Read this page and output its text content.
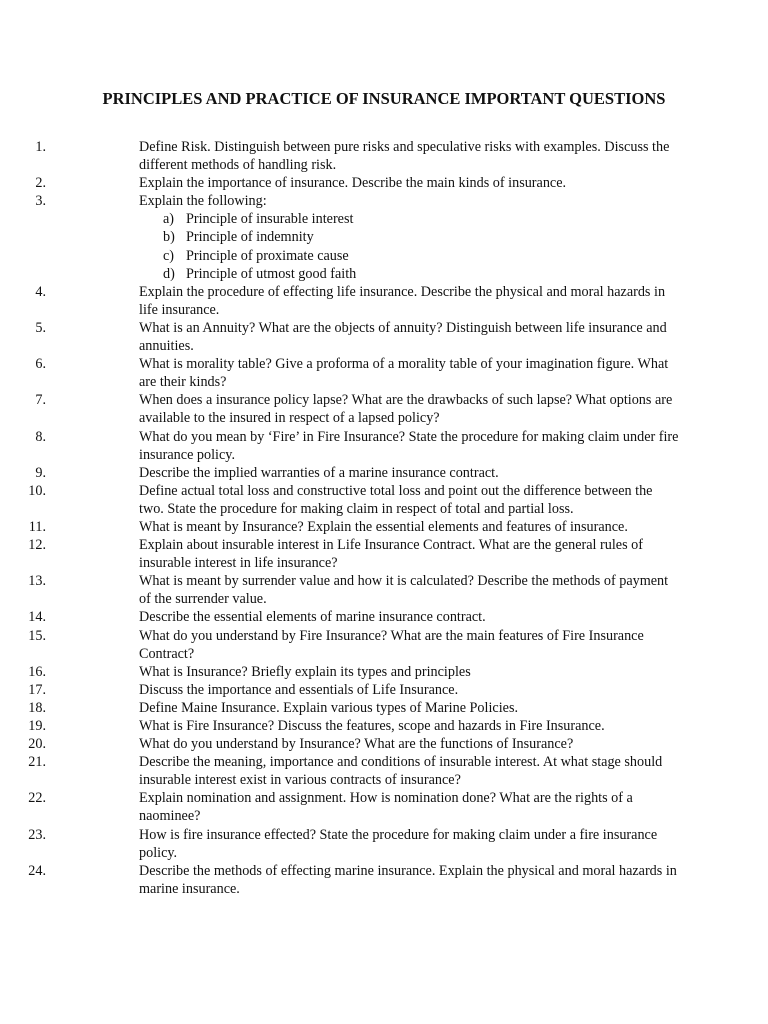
PRINCIPLES AND PRACTICE OF INSURANCE IMPORTANT QUESTIONS
1.	Define Risk. Distinguish between pure risks and speculative risks with examples. Discuss the different methods of handling risk.
2.	Explain the importance of insurance. Describe the main kinds of insurance.
3.	Explain the following:
a) Principle of insurable interest
b) Principle of indemnity
c) Principle of proximate cause
d) Principle of utmost good faith
4.	Explain the procedure of effecting life insurance. Describe the physical and moral hazards in life insurance.
5.	What is an Annuity? What are the objects of annuity? Distinguish between life insurance and annuities.
6.	What is morality table? Give a proforma of a morality table of your imagination figure. What are their kinds?
7.	When does a insurance policy lapse? What are the drawbacks of such lapse? What options are available to the insured in respect of a lapsed policy?
8.	What do you mean by ‘Fire’ in Fire Insurance? State the procedure for making claim under fire insurance policy.
9.	Describe the implied warranties of a marine insurance contract.
10.	Define actual total loss and constructive total loss and point out the difference between the two. State the procedure for making claim in respect of total and partial loss.
11.	What is meant by Insurance? Explain the essential elements and features of insurance.
12.	Explain about insurable interest in Life Insurance Contract. What are the general rules of insurable interest in life insurance?
13.	What is meant by surrender value and how it is calculated? Describe the methods of payment of the surrender value.
14.	Describe the essential elements of marine insurance contract.
15.	What do you understand by Fire Insurance? What are the main features of Fire Insurance Contract?
16.	What is Insurance? Briefly explain its types and principles
17.	Discuss the importance and essentials of Life Insurance.
18.	Define Maine Insurance. Explain various types of Marine Policies.
19.	What is Fire Insurance? Discuss the features, scope and hazards in Fire Insurance.
20.	What do you understand by Insurance? What are the functions of Insurance?
21.	Describe the meaning, importance and conditions of insurable interest. At what stage should insurable interest exist in various contracts of insurance?
22.	Explain nomination and assignment. How is nomination done? What are the rights of a naominee?
23.	How is fire insurance effected? State the procedure for making claim under a fire insurance policy.
24.	Describe the methods of effecting marine insurance. Explain the physical and moral hazards in marine insurance.
